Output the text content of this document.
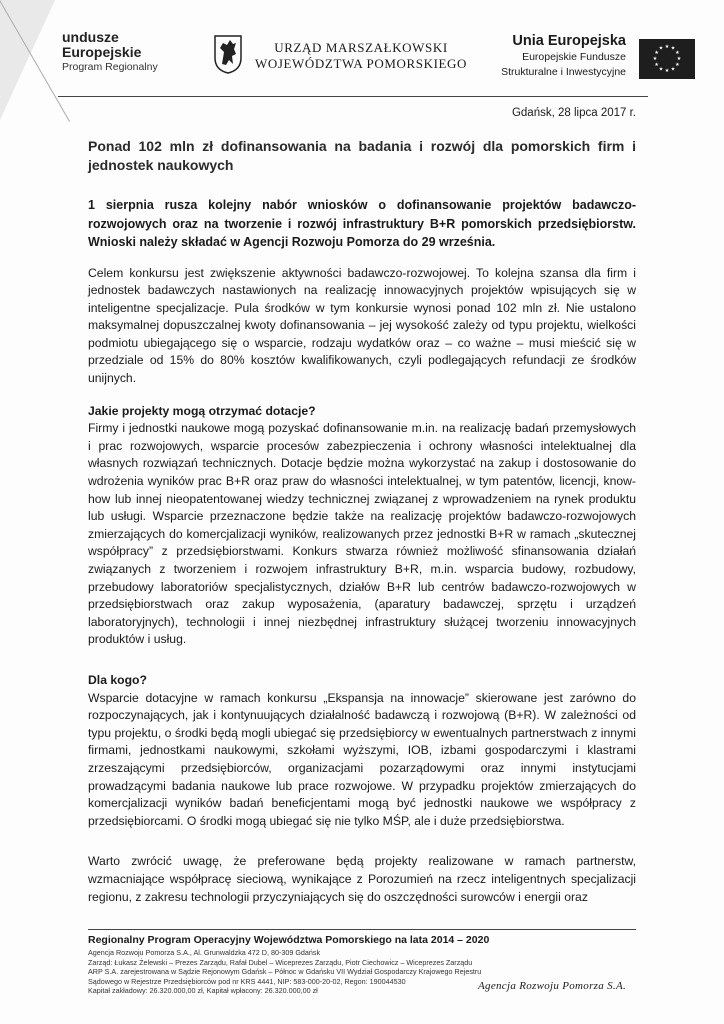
undusze
Europejskie
Program Regionalny
URZĄD MARSZAŁKOWSKI
WOJEWÓDZTWA POMORSKIEGO
Unia Europejska
Europejskie Fundusze
Strukturalne i Inwestycyjne
★ ★
★
★
★
★
★
★
★
★
★
★
Gdańsk, 28 lipca 2017 r.

Ponad 102 mln zł dofinansowania na badania i rozwój dla pomorskich firm i jednostek naukowych

1 sierpnia rusza kolejny nabór wniosków o dofinansowanie projektów badawczo-rozwojowych oraz na tworzenie i rozwój infrastruktury B+R pomorskich przedsiębiorstw. Wnioski należy składać w Agencji Rozwoju Pomorza do 29 września.

Celem konkursu jest zwiększenie aktywności badawczo-rozwojowej. To kolejna szansa dla firm i jednostek badawczych nastawionych na realizację innowacyjnych projektów wpisujących się w inteligentne specjalizacje. Pula środków w tym konkursie wynosi ponad 102 mln zł. Nie ustalono maksymalnej dopuszczalnej kwoty dofinansowania – jej wysokość zależy od typu projektu, wielkości podmiotu ubiegającego się o wsparcie, rodzaju wydatków oraz – co ważne – musi mieścić się w przedziale od 15% do 80% kosztów kwalifikowanych, czyli podlegających refundacji ze środków unijnych.

Jakie projekty mogą otrzymać dotacje?

Firmy i jednostki naukowe mogą pozyskać dofinansowanie m.in. na realizację badań przemysłowych i prac rozwojowych, wsparcie procesów zabezpieczenia i ochrony własności intelektualnej dla własnych rozwiązań technicznych. Dotacje będzie można wykorzystać na zakup i dostosowanie do wdrożenia wyników prac B+R oraz praw do własności intelektualnej, w tym patentów, licencji, know-how lub innej nieopatentowanej wiedzy technicznej związanej z wprowadzeniem na rynek produktu lub usługi. Wsparcie przeznaczone będzie także na realizację projektów badawczo-rozwojowych zmierzających do komercjalizacji wyników, realizowanych przez jednostki B+R w ramach „skutecznej współpracy” z przedsiębiorstwami. Konkurs stwarza również możliwość sfinansowania działań związanych z tworzeniem i rozwojem infrastruktury B+R, m.in. wsparcia budowy, rozbudowy, przebudowy laboratoriów specjalistycznych, działów B+R lub centrów badawczo-rozwojowych w przedsiębiorstwach oraz zakup wyposażenia, (aparatury badawczej, sprzętu i urządzeń laboratoryjnych), technologii i innej niezbędnej infrastruktury służącej tworzeniu innowacyjnych produktów i usług.

Dla kogo?

Wsparcie dotacyjne w ramach konkursu „Ekspansja na innowacje” skierowane jest zarówno do rozpoczynających, jak i kontynuujących działalność badawczą i rozwojową (B+R). W zależności od typu projektu, o środki będą mogli ubiegać się przedsiębiorcy w ewentualnych partnerstwach z innymi firmami, jednostkami naukowymi, szkołami wyższymi, IOB, izbami gospodarczymi i klastrami zrzeszającymi przedsiębiorców, organizacjami pozarządowymi oraz innymi instytucjami prowadzącymi badania naukowe lub prace rozwojowe. W przypadku projektów zmierzających do komercjalizacji wyników badań beneficjentami mogą być jednostki naukowe we współpracy z przedsiębiorcami. O środki mogą ubiegać się nie tylko MŚP, ale i duże przedsiębiorstwa.

Warto zwrócić uwagę, że preferowane będą projekty realizowane w ramach partnerstw, wzmacniające współpracę sieciową, wynikające z Porozumień na rzecz inteligentnych specjalizacji regionu, z zakresu technologii przyczyniających się do oszczędności surowców i energii oraz

Regionalny Program Operacyjny Województwa Pomorskiego na lata 2014 – 2020
Agencja Rozwoju Pomorza S.A., Al. Grunwaldzka 472 D, 80-309 Gdańsk
Zarząd: Łukasz Żelewski – Prezes Zarządu, Rafał Dubel – Wiceprezes Zarządu, Piotr Ciechowicz – Wiceprezes Zarządu
ARP S.A. zarejestrowana w Sądzie Rejonowym Gdańsk – Północ w Gdańsku VII Wydział Gospodarczy Krajowego Rejestru
Sądowego w Rejestrze Przedsiębiorców pod nr KRS 4441, NIP: 583-000-20-02, Regon: 190044530
Kapitał zakładowy: 26.320.000,00 zł, Kapitał wpłacony: 26.320.000,00 zł	Agencja Rozwoju Pomorza S.A.
